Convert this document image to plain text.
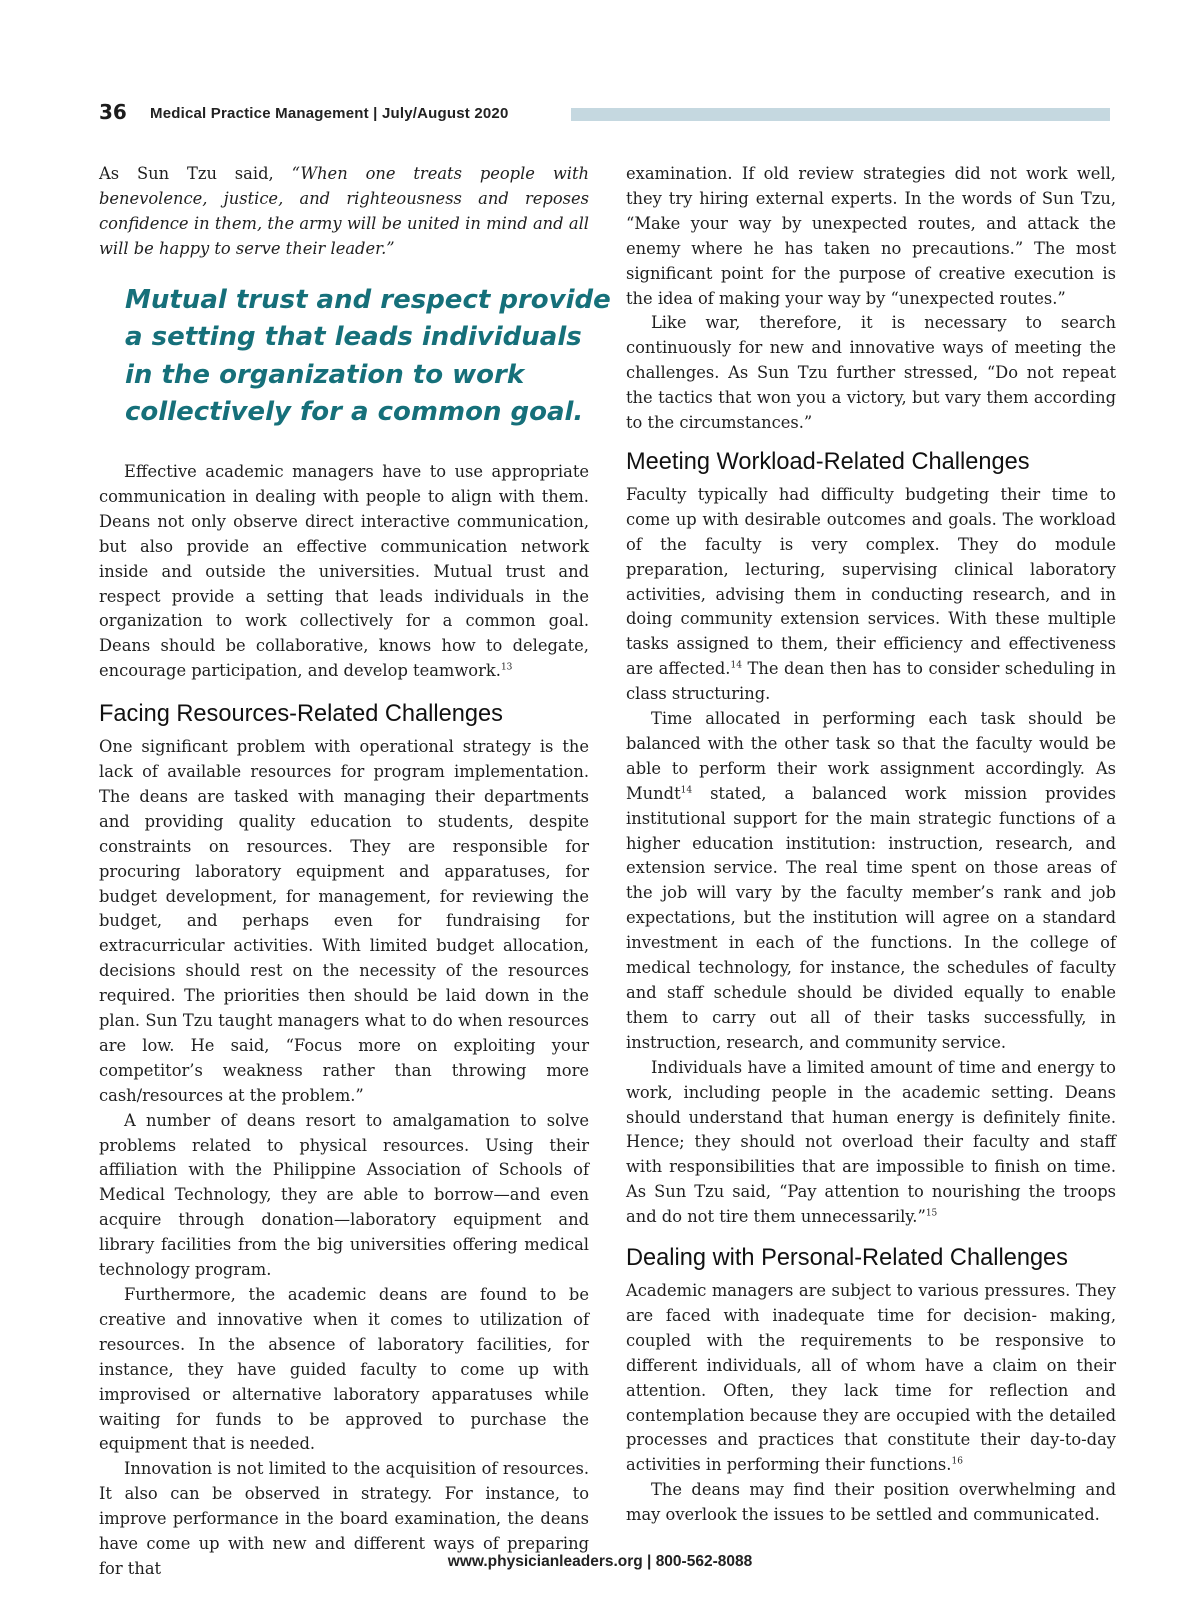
36 Medical Practice Management | July/August 2020

As Sun Tzu said, “When one treats people with benevolence, justice, and righteousness and reposes confidence in them, the army will be united in mind and all will be happy to serve their leader.”

Mutual trust and respect provide
a setting that leads individuals
in the organization to work
collectively for a common goal.

Effective academic managers have to use appropriate communication in dealing with people to align with them. Deans not only observe direct interactive communication, but also provide an effective communication network inside and outside the universities. Mutual trust and respect provide a setting that leads individuals in the organization to work collectively for a common goal. Deans should be collaborative, knows how to delegate, encourage participation, and develop teamwork.$^{13}$

Facing Resources-Related Challenges

One significant problem with operational strategy is the lack of available resources for program implementation. The deans are tasked with managing their departments and providing quality education to students, despite constraints on resources. They are responsible for procuring laboratory equipment and apparatuses, for budget development, for management, for reviewing the budget, and perhaps even for fundraising for extracurricular activities. With limited budget allocation, decisions should rest on the necessity of the resources required. The priorities then should be laid down in the plan. Sun Tzu taught managers what to do when resources are low. He said, “Focus more on exploiting your competitor’s weakness rather than throwing more cash/resources at the problem.”

A number of deans resort to amalgamation to solve problems related to physical resources. Using their affiliation with the Philippine Association of Schools of Medical Technology, they are able to borrow—and even acquire through donation—laboratory equipment and library facilities from the big universities offering medical technology program.

Furthermore, the academic deans are found to be creative and innovative when it comes to utilization of resources. In the absence of laboratory facilities, for instance, they have guided faculty to come up with improvised or alternative laboratory apparatuses while waiting for funds to be approved to purchase the equipment that is needed.

Innovation is not limited to the acquisition of resources. It also can be observed in strategy. For instance, to improve performance in the board examination, the deans have come up with new and different ways of preparing for that

examination. If old review strategies did not work well, they try hiring external experts. In the words of Sun Tzu, “Make your way by unexpected routes, and attack the enemy where he has taken no precautions.” The most significant point for the purpose of creative execution is the idea of making your way by “unexpected routes.”

Like war, therefore, it is necessary to search continuously for new and innovative ways of meeting the challenges. As Sun Tzu further stressed, “Do not repeat the tactics that won you a victory, but vary them according to the circumstances.”

Meeting Workload-Related Challenges

Faculty typically had difficulty budgeting their time to come up with desirable outcomes and goals. The workload of the faculty is very complex. They do module preparation, lecturing, supervising clinical laboratory activities, advising them in conducting research, and in doing community extension services. With these multiple tasks assigned to them, their efficiency and effectiveness are affected.$^{14}$ The dean then has to consider scheduling in class structuring.

Time allocated in performing each task should be balanced with the other task so that the faculty would be able to perform their work assignment accordingly. As Mundt$^{14}$ stated, a balanced work mission provides institutional support for the main strategic functions of a higher education institution: instruction, research, and extension service. The real time spent on those areas of the job will vary by the faculty member’s rank and job expectations, but the institution will agree on a standard investment in each of the functions. In the college of medical technology, for instance, the schedules of faculty and staff schedule should be divided equally to enable them to carry out all of their tasks successfully, in instruction, research, and community service.

Individuals have a limited amount of time and energy to work, including people in the academic setting. Deans should understand that human energy is definitely finite. Hence; they should not overload their faculty and staff with responsibilities that are impossible to finish on time. As Sun Tzu said, “Pay attention to nourishing the troops and do not tire them unnecessarily.”$^{15}$

Dealing with Personal-Related Challenges

Academic managers are subject to various pressures. They are faced with inadequate time for decision- making, coupled with the requirements to be responsive to different individuals, all of whom have a claim on their attention. Often, they lack time for reflection and contemplation because they are occupied with the detailed processes and practices that constitute their day-to-day activities in performing their functions.$^{16}$

The deans may find their position overwhelming and may overlook the issues to be settled and communicated.

www.physicianleaders.org | 800-562-8088
